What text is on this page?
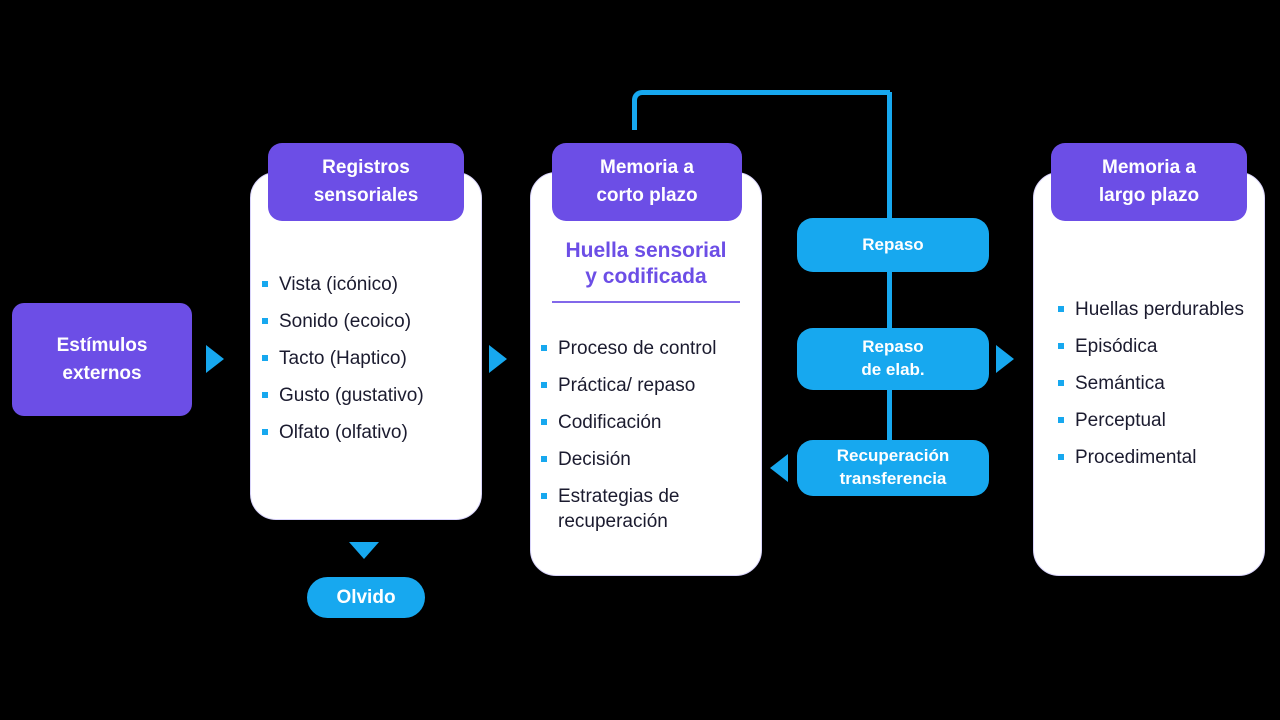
Estímulos
externos
Registros
sensoriales
Vista (icónico)
Sonido (ecoico)
Tacto (Haptico)
Gusto (gustativo)
Olfato (olfativo)
Olvido
Memoria a
corto plazo
Huella sensorial
y codificada
Proceso de control
Práctica/ repaso
Codificación
Decisión
Estrategias de recuperación
Repaso
Repaso
de elab.
Recuperación
transferencia
Memoria a
largo plazo
Huellas perdurables
Episódica
Semántica
Perceptual
Procedimental
